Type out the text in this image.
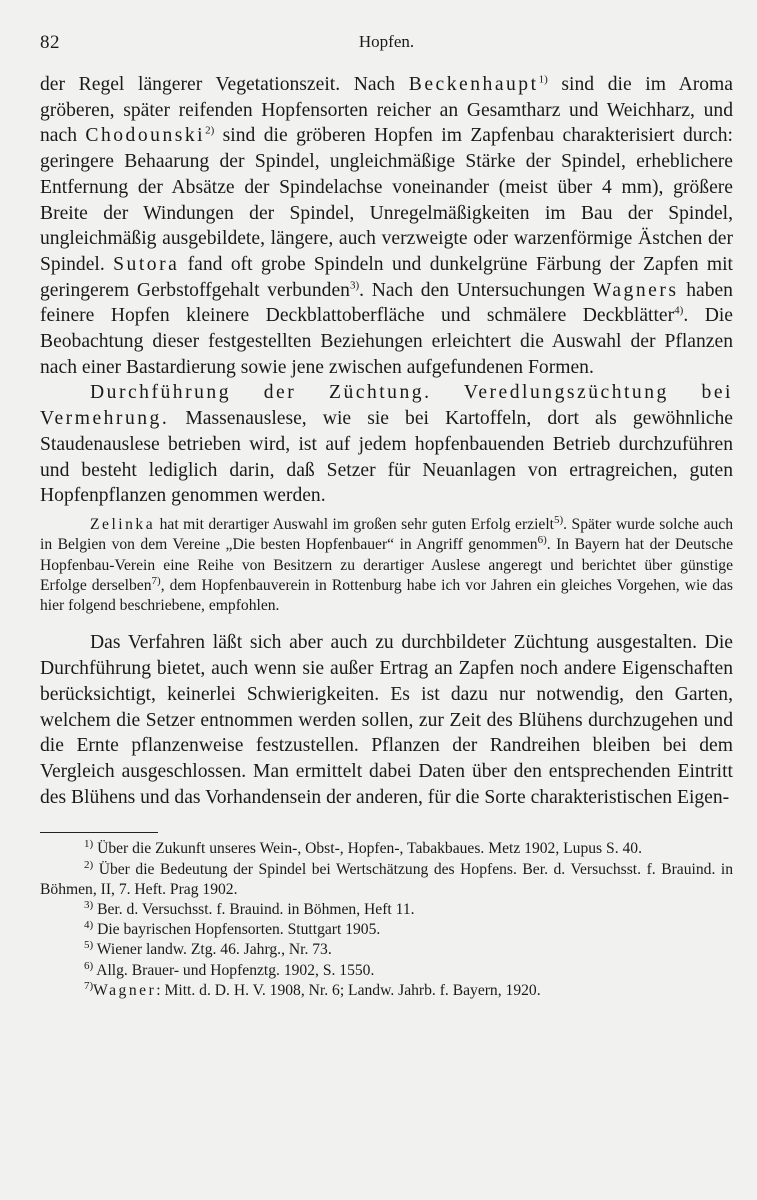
82	Hopfen.

der Regel längerer Vegetationszeit. Nach Beckenhaupt$^{1)}$ sind die im Aroma gröberen, später reifenden Hopfensorten reicher an Gesamtharz und Weichharz, und nach Chodounski$^{2)}$ sind die gröberen Hopfen im Zapfenbau charakterisiert durch: geringere Behaarung der Spindel, ungleichmäßige Stärke der Spindel, erheblichere Entfernung der Absätze der Spindelachse voneinander (meist über 4 mm), größere Breite der Windungen der Spindel, Unregelmäßigkeiten im Bau der Spindel, ungleichmäßig ausgebildete, längere, auch verzweigte oder warzenförmige Ästchen der Spindel. Sutora fand oft grobe Spindeln und dunkelgrüne Färbung der Zapfen mit geringerem Gerbstoffgehalt verbunden$^{3)}$. Nach den Untersuchungen Wagners haben feinere Hopfen kleinere Deckblattoberfläche und schmälere Deckblätter$^{4)}$. Die Beobachtung dieser festgestellten Beziehungen erleichtert die Auswahl der Pflanzen nach einer Bastardierung sowie jene zwischen aufgefundenen Formen.

Durchführung der Züchtung. Veredlungszüchtung bei Vermehrung. Massenauslese, wie sie bei Kartoffeln, dort als gewöhnliche Staudenauslese betrieben wird, ist auf jedem hopfenbauenden Betrieb durchzuführen und besteht lediglich darin, daß Setzer für Neuanlagen von ertragreichen, guten Hopfenpflanzen genommen werden.

Zelinka hat mit derartiger Auswahl im großen sehr guten Erfolg erzielt$^{5)}$. Später wurde solche auch in Belgien von dem Vereine „Die besten Hopfenbauer“ in Angriff genommen$^{6)}$. In Bayern hat der Deutsche Hopfenbau-Verein eine Reihe von Besitzern zu derartiger Auslese angeregt und berichtet über günstige Erfolge derselben$^{7)}$, dem Hopfenbauverein in Rottenburg habe ich vor Jahren ein gleiches Vorgehen, wie das hier folgend beschriebene, empfohlen.

Das Verfahren läßt sich aber auch zu durchbildeter Züchtung ausgestalten. Die Durchführung bietet, auch wenn sie außer Ertrag an Zapfen noch andere Eigenschaften berücksichtigt, keinerlei Schwierigkeiten. Es ist dazu nur notwendig, den Garten, welchem die Setzer entnommen werden sollen, zur Zeit des Blühens durchzugehen und die Ernte pflanzenweise festzustellen. Pflanzen der Randreihen bleiben bei dem Vergleich ausgeschlossen. Man ermittelt dabei Daten über den entsprechenden Eintritt des Blühens und das Vorhandensein der anderen, für die Sorte charakteristischen Eigen-

$^{1)}$ Über die Zukunft unseres Wein-, Obst-, Hopfen-, Tabakbaues. Metz 1902, Lupus S. 40.

$^{2)}$ Über die Bedeutung der Spindel bei Wertschätzung des Hopfens. Ber. d. Versuchsst. f. Brauind. in Böhmen, II, 7. Heft. Prag 1902.

$^{3)}$ Ber. d. Versuchsst. f. Brauind. in Böhmen, Heft 11.

$^{4)}$ Die bayrischen Hopfensorten. Stuttgart 1905.

$^{5)}$ Wiener landw. Ztg. 46. Jahrg., Nr. 73.

$^{6)}$ Allg. Brauer- und Hopfenztg. 1902, S. 1550.

$^{7)}$Wagner: Mitt. d. D. H. V. 1908, Nr. 6; Landw. Jahrb. f. Bayern, 1920.
